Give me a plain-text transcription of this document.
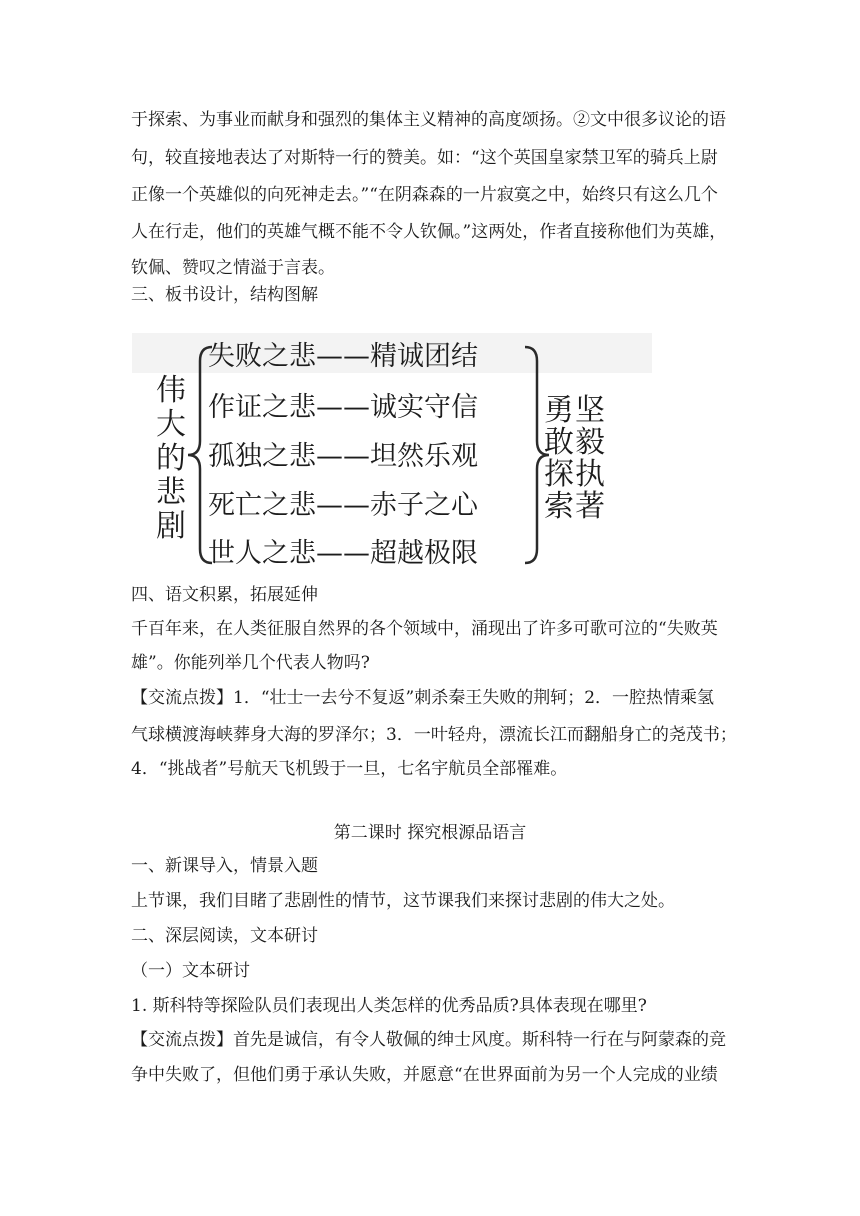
于探索、为事业而献身和强烈的集体主义精神的高度颂扬。②文中很多议论的语
句，较直接地表达了对斯特一行的赞美。如：“这个英国皇家禁卫军的骑兵上尉
正像一个英雄似的向死神走去。”“在阴森森的一片寂寞之中，始终只有这么几个
人在行走，他们的英雄气概不能不令人钦佩。”这两处，作者直接称他们为英雄，
钦佩、赞叹之情溢于言表。
三、板书设计，结构图解
伟
大
的
悲
剧
失败之悲——精诚团结
作证之悲——诚实守信
孤独之悲——坦然乐观
死亡之悲——赤子之心
世人之悲——超越极限
勇
敢
探
索
坚
毅
执
著
四、语文积累，拓展延伸
千百年来，在人类征服自然界的各个领域中，涌现出了许多可歌可泣的“失败英
雄”。你能列举几个代表人物吗?
【交流点拨】1．“壮士一去兮不复返”刺杀秦王失败的荆轲；2．一腔热情乘氢
气球横渡海峡葬身大海的罗泽尔；3．一叶轻舟，漂流长江而翻船身亡的尧茂书；
4．“挑战者”号航天飞机毁于一旦，七名宇航员全部罹难。
第二课时 探究根源品语言
一、新课导入，情景入题
上节课，我们目睹了悲剧性的情节，这节课我们来探讨悲剧的伟大之处。
二、深层阅读，文本研讨
（一）文本研讨
1. 斯科特等探险队员们表现出人类怎样的优秀品质?具体表现在哪里?
【交流点拨】首先是诚信，有令人敬佩的绅士风度。斯科特一行在与阿蒙森的竞
争中失败了，但他们勇于承认失败，并愿意“在世界面前为另一个人完成的业绩
